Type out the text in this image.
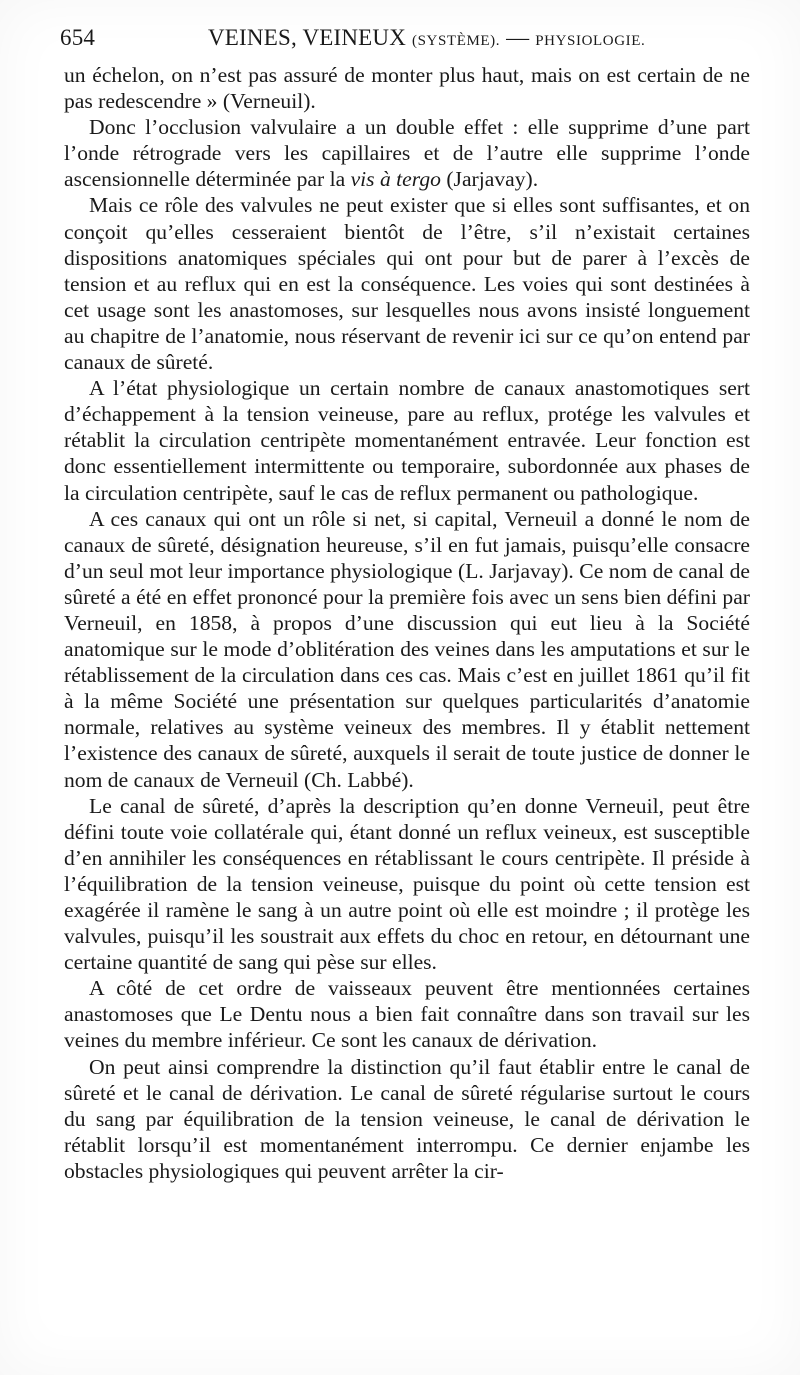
654	VEINES, VEINEUX (SYSTÈME). — PHYSIOLOGIE.

un échelon, on n’est pas assuré de monter plus haut, mais on est certain de ne pas redescendre » (Verneuil).

Donc l’occlusion valvulaire a un double effet : elle supprime d’une part l’onde rétrograde vers les capillaires et de l’autre elle supprime l’onde ascensionnelle déterminée par la vis à tergo (Jarjavay).

Mais ce rôle des valvules ne peut exister que si elles sont suffisantes, et on conçoit qu’elles cesseraient bientôt de l’être, s’il n’existait certaines dispositions anatomiques spéciales qui ont pour but de parer à l’excès de tension et au reflux qui en est la conséquence. Les voies qui sont destinées à cet usage sont les anastomoses, sur lesquelles nous avons insisté longuement au chapitre de l’anatomie, nous réservant de revenir ici sur ce qu’on entend par canaux de sûreté.

A l’état physiologique un certain nombre de canaux anastomotiques sert d’échappement à la tension veineuse, pare au reflux, protége les valvules et rétablit la circulation centripète momentanément entravée. Leur fonction est donc essentiellement intermittente ou temporaire, subordonnée aux phases de la circulation centripète, sauf le cas de reflux permanent ou pathologique.

A ces canaux qui ont un rôle si net, si capital, Verneuil a donné le nom de canaux de sûreté, désignation heureuse, s’il en fut jamais, puisqu’elle consacre d’un seul mot leur importance physiologique (L. Jarjavay). Ce nom de canal de sûreté a été en effet prononcé pour la première fois avec un sens bien défini par Verneuil, en 1858, à propos d’une discussion qui eut lieu à la Société anatomique sur le mode d’oblitération des veines dans les amputations et sur le rétablissement de la circulation dans ces cas. Mais c’est en juillet 1861 qu’il fit à la même Société une présentation sur quelques particularités d’anatomie normale, relatives au système veineux des membres. Il y établit nettement l’existence des canaux de sûreté, auxquels il serait de toute justice de donner le nom de canaux de Verneuil (Ch. Labbé).

Le canal de sûreté, d’après la description qu’en donne Verneuil, peut être défini toute voie collatérale qui, étant donné un reflux veineux, est susceptible d’en annihiler les conséquences en rétablissant le cours centripète. Il préside à l’équilibration de la tension veineuse, puisque du point où cette tension est exagérée il ramène le sang à un autre point où elle est moindre ; il protège les valvules, puisqu’il les soustrait aux effets du choc en retour, en détournant une certaine quantité de sang qui pèse sur elles.

A côté de cet ordre de vaisseaux peuvent être mentionnées certaines anastomoses que Le Dentu nous a bien fait connaître dans son travail sur les veines du membre inférieur. Ce sont les canaux de dérivation.

On peut ainsi comprendre la distinction qu’il faut établir entre le canal de sûreté et le canal de dérivation. Le canal de sûreté régularise surtout le cours du sang par équilibration de la tension veineuse, le canal de dérivation le rétablit lorsqu’il est momentanément interrompu. Ce dernier enjambe les obstacles physiologiques qui peuvent arrêter la cir-
